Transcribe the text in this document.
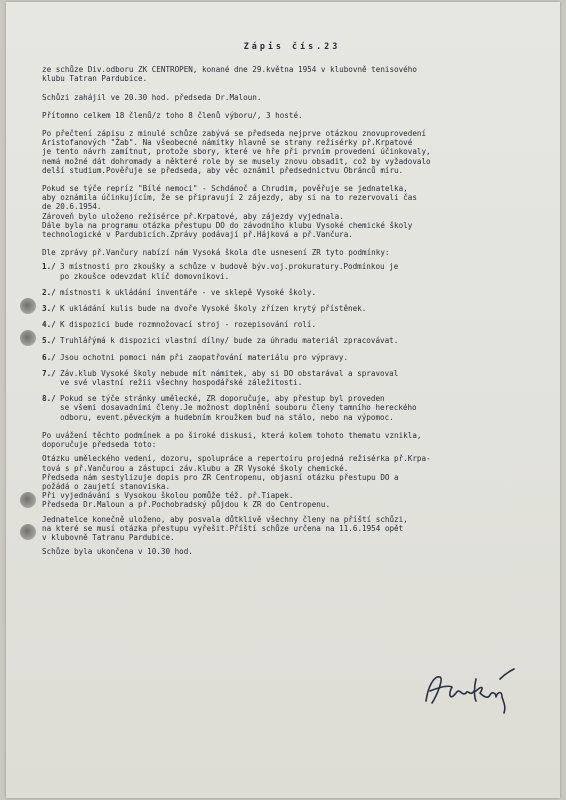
Zápis čís.23
ze schůze Div.odboru ZK CENTROPEN, konané dne 29.května 1954 v klubovně tenisového
klubu Tatran Pardubice.
Schůzi zahájil ve 20.30 hod. předseda Dr.Maloun.
Přítomno celkem 18 členů/z toho 8 členů výboru/, 3 hosté.
Po přečtení zápisu z minulé schůze zabývá se předseda nejprve otázkou znovuprovedení
Aristofanových "Žab". Na všeobecné námitky hlavně se strany režisérky př.Krpatové
je tento návrh zamítnut, protože sbory, které ve hře při prvním provedení účinkovaly,
nemá možné dát dohromady a některé role by se musely znovu obsadit, což by vyžadovalo
delší studium.Pověřuje se předseda, aby věc oznámil předsednictvu Obránců míru.
Pokud se týče repríz "Bílé nemoci" - Schdánoč a Chrudim, pověřuje se jednatelka,
aby oznámila účinkujícím, že se připravují 2 zájezdy, aby si na to rezervovali čas
de 20.6.1954.
Zároveň bylo uloženo režisérce př.Krpatové, aby zájezdy vyjednala.
Dále byla na programu otázka přestupu DO do závodního klubu Vysoké chemické školy
technologické v Pardubicích.Zprávy podávají př.Hájková a př.Vančura.
Dle zprávy př.Vančury nabízí nám Vysoká škola dle usnesení ZR tyto podmínky:
1./ 3 místnosti pro zkoušky a schůze v budově býv.voj.prokuratury.Podmínkou je
po zkoušce odevzdat klíč domovníkovi.
2./ místnosti k ukládání inventáře - ve sklepě Vysoké školy.
3./ K ukládání kulis bude na dvoře Vysoké školy zřízen krytý přístěnek.
4./ K dispozici bude rozmnožovací stroj - rozepisování rolí.
5./ Truhlářýmá k dispozici vlastní dílny/ bude za úhradu materiál zpracovávat.
6./ Jsou ochotni pomoci nám při zaopatřování materiálu pro výpravy.
7./ Záv.klub Vysoké školy nebude mít námitek, aby si DO obstarával a spravoval
ve své vlastní režii všechny hospodářské záležitosti.
8./ Pokud se týče stránky umělecké, ZR doporučuje, aby přestup byl proveden
se všemi dosavadními členy.Je možnost doplnění souboru členy tamního hereckého
odboru, event.pěveckým a hudebním kroužkem buď na stálo, nebo na výpomoc.
Po uvážení těchto podmínek a po široké diskusi, která kolem tohoto thematu vznikla,
doporučuje předseda toto:
Otázku uměleckého vedení, dozoru, spolupráce a repertoiru projedná režisérka př.Krpa-
tová s př.Vančurou a zástupci záv.klubu a ZR Vysoké školy chemické.
Předseda nám sestylizuje dopis pro ZR Centropenu, objasní otázku přestupu DO a
požádá o zaujetí stanoviska.
Při vyjednávání s Vysokou školou pomůže též. př.Tiapek.
Předseda Dr.Maloun a př.Pochobradský půjdou k ZR do Centropenu.
Jednatelce konečně uloženo, aby posvala důtklivě všechny členy na příští schůzi,
na které se musí otázka přestupu vyřešit.Příští schůze určena na 11.6.1954 opět
v klubovně Tatranu Pardubice.
Schůze byla ukončena v 10.30 hod.
